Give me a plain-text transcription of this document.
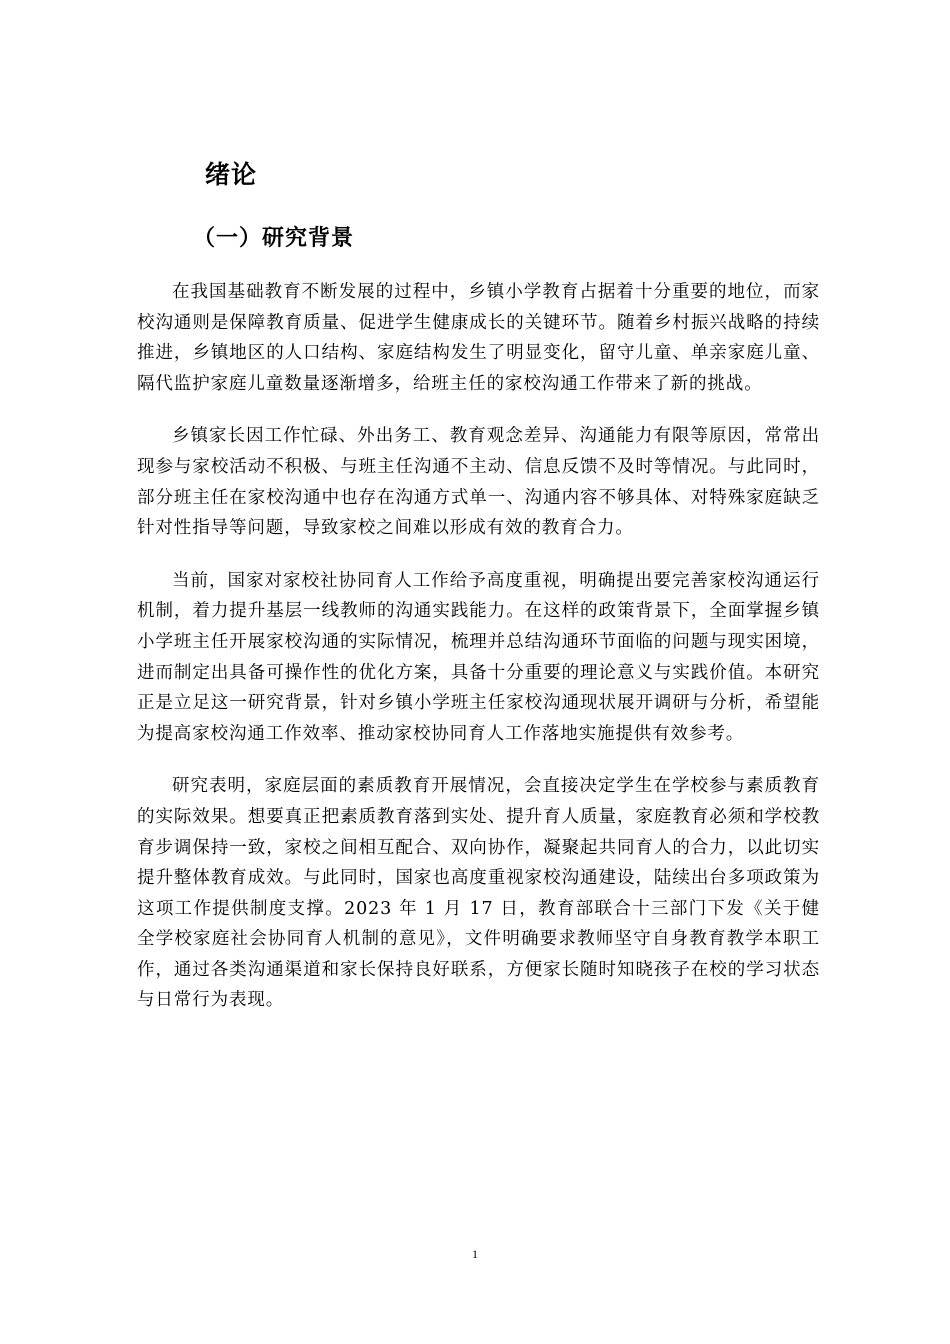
绪论
（一）研究背景

在我国基础教育不断发展的过程中，乡镇小学教育占据着十分重要的地位，而家校沟通则是保障教育质量、促进学生健康成长的关键环节。随着乡村振兴战略的持续推进，乡镇地区的人口结构、家庭结构发生了明显变化，留守儿童、单亲家庭儿童、隔代监护家庭儿童数量逐渐增多，给班主任的家校沟通工作带来了新的挑战。

乡镇家长因工作忙碌、外出务工、教育观念差异、沟通能力有限等原因，常常出现参与家校活动不积极、与班主任沟通不主动、信息反馈不及时等情况。与此同时，部分班主任在家校沟通中也存在沟通方式单一、沟通内容不够具体、对特殊家庭缺乏针对性指导等问题，导致家校之间难以形成有效的教育合力。

当前，国家对家校社协同育人工作给予高度重视，明确提出要完善家校沟通运行机制，着力提升基层一线教师的沟通实践能力。在这样的政策背景下，全面掌握乡镇小学班主任开展家校沟通的实际情况，梳理并总结沟通环节面临的问题与现实困境，进而制定出具备可操作性的优化方案，具备十分重要的理论意义与实践价值。本研究正是立足这一研究背景，针对乡镇小学班主任家校沟通现状展开调研与分析，希望能为提高家校沟通工作效率、推动家校协同育人工作落地实施提供有效参考。

研究表明，家庭层面的素质教育开展情况，会直接决定学生在学校参与素质教育的实际效果。想要真正把素质教育落到实处、提升育人质量，家庭教育必须和学校教育步调保持一致，家校之间相互配合、双向协作，凝聚起共同育人的合力，以此切实提升整体教育成效。与此同时，国家也高度重视家校沟通建设，陆续出台多项政策为这项工作提供制度支撑。2023 年 1 月 17 日，教育部联合十三部门下发《关于健全学校家庭社会协同育人机制的意见》，文件明确要求教师坚守自身教育教学本职工作，通过各类沟通渠道和家长保持良好联系，方便家长随时知晓孩子在校的学习状态与日常行为表现。

1
